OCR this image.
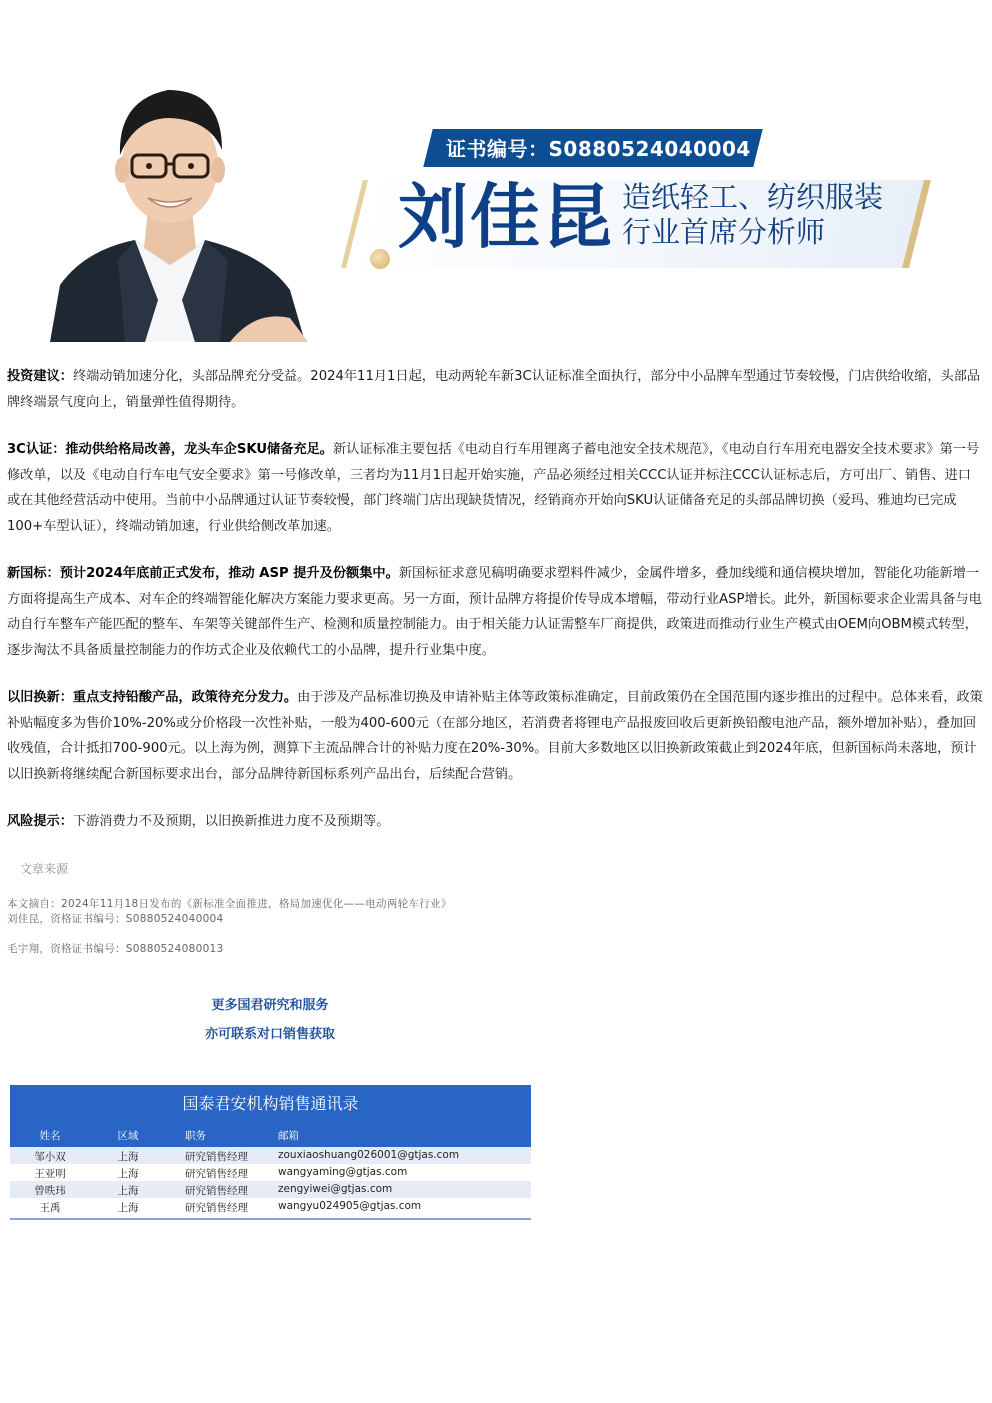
证书编号：S0880524040004
刘佳昆 造纸轻工、纺织服装
行业首席分析师
投资建议：终端动销加速分化，头部品牌充分受益。2024年11月1日起，电动两轮车新3C认证标准全面执行，部分中小品牌车型通过节奏较慢，门店供给收缩，头部品牌终端景气度向上，销量弹性值得期待。
3C认证：推动供给格局改善，龙头车企SKU储备充足。新认证标准主要包括《电动自行车用锂离子蓄电池安全技术规范》，《电动自行车用充电器安全技术要求》第一号修改单，以及《电动自行车电气安全要求》第一号修改单，三者均为11月1日起开始实施，产品必须经过相关CCC认证并标注CCC认证标志后，方可出厂、销售、进口或在其他经营活动中使用。当前中小品牌通过认证节奏较慢，部门终端门店出现缺货情况，经销商亦开始向SKU认证储备充足的头部品牌切换（爱玛、雅迪均已完成100+车型认证），终端动销加速，行业供给侧改革加速。
新国标：预计2024年底前正式发布，推动 ASP 提升及份额集中。新国标征求意见稿明确要求塑料件减少，金属件增多，叠加线缆和通信模块增加，智能化功能新增一方面将提高生产成本、对车企的终端智能化解决方案能力要求更高。另一方面，预计品牌方将提价传导成本增幅，带动行业ASP增长。此外，新国标要求企业需具备与电动自行车整车产能匹配的整车、车架等关键部件生产、检测和质量控制能力。由于相关能力认证需整车厂商提供，政策进而推动行业生产模式由OEM向OBM模式转型，逐步淘汰不具备质量控制能力的作坊式企业及依赖代工的小品牌，提升行业集中度。
以旧换新：重点支持铅酸产品，政策待充分发力。由于涉及产品标准切换及申请补贴主体等政策标准确定，目前政策仍在全国范围内逐步推出的过程中。总体来看，政策补贴幅度多为售价10%-20%或分价格段一次性补贴，一般为400-600元（在部分地区，若消费者将锂电产品报废回收后更新换铅酸电池产品，额外增加补贴），叠加回收残值，合计抵扣700-900元。以上海为例，测算下主流品牌合计的补贴力度在20%-30%。目前大多数地区以旧换新政策截止到2024年底，但新国标尚未落地，预计以旧换新将继续配合新国标要求出台，部分品牌待新国标系列产品出台，后续配合营销。
风险提示：下游消费力不及预期，以旧换新推进力度不及预期等。
文章来源
本文摘自：2024年11月18日发布的《新标准全面推进，格局加速优化——电动两轮车行业》
刘佳昆，资格证书编号：S0880524040004
毛宇翔，资格证书编号：S0880524080013
更多国君研究和服务
亦可联系对口销售获取
国泰君安机构销售通讯录
姓名	区域	职务	邮箱
邹小双	上海	研究销售经理	zouxiaoshuang026001@gtjas.com
王亚明	上海	研究销售经理	wangyaming@gtjas.com
曾昳玮	上海	研究销售经理	zengyiwei@gtjas.com
王禹	上海	研究销售经理	wangyu024905@gtjas.com
